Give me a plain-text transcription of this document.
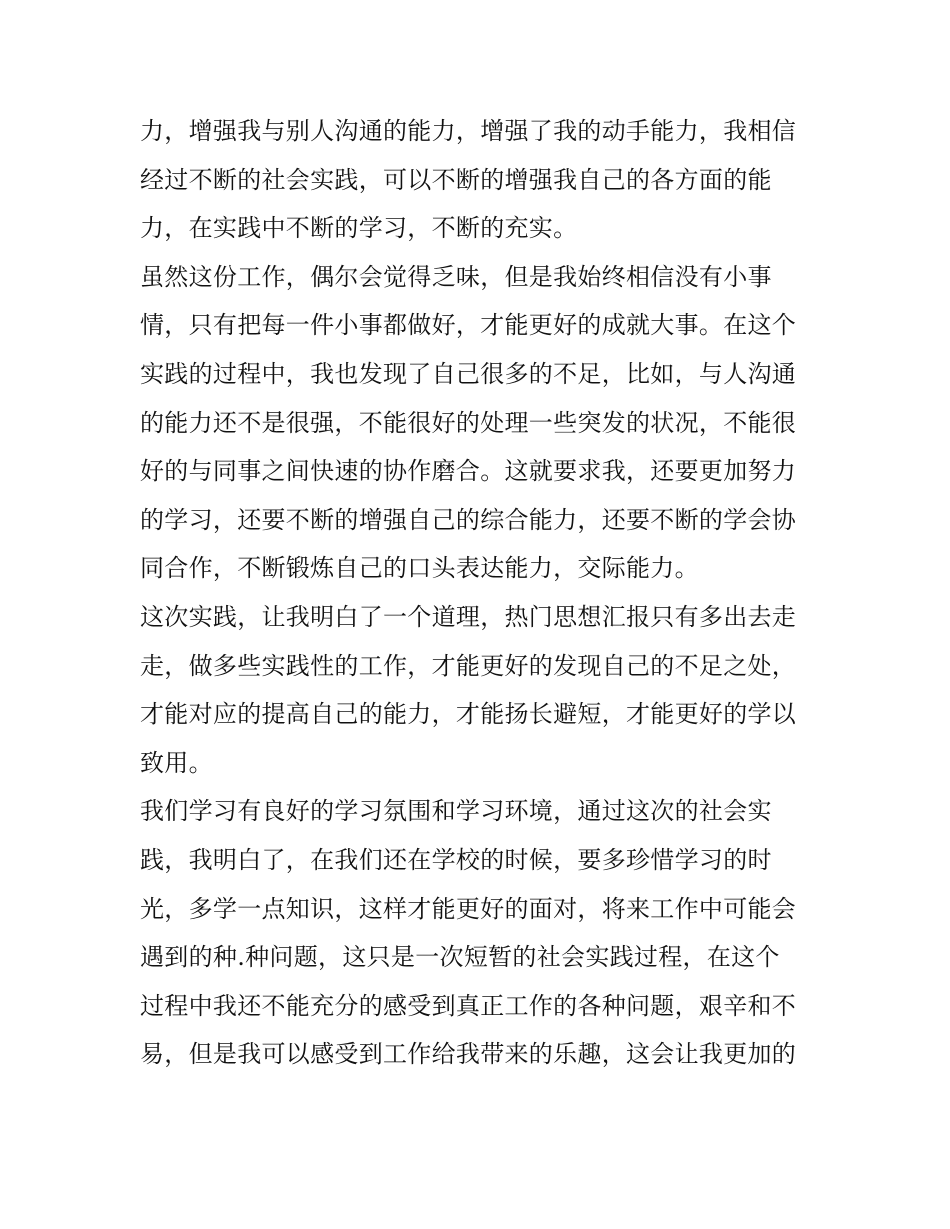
力，增强我与别人沟通的能力，增强了我的动手能力，我相信
经过不断的社会实践，可以不断的增强我自己的各方面的能
力，在实践中不断的学习，不断的充实。
虽然这份工作，偶尔会觉得乏味，但是我始终相信没有小事
情，只有把每一件小事都做好，才能更好的成就大事。在这个
实践的过程中，我也发现了自己很多的不足，比如，与人沟通
的能力还不是很强，不能很好的处理一些突发的状况，不能很
好的与同事之间快速的协作磨合。这就要求我，还要更加努力
的学习，还要不断的增强自己的综合能力，还要不断的学会协
同合作，不断锻炼自己的口头表达能力，交际能力。
这次实践，让我明白了一个道理，热门思想汇报只有多出去走
走，做多些实践性的工作，才能更好的发现自己的不足之处，
才能对应的提高自己的能力，才能扬长避短，才能更好的学以
致用。
我们学习有良好的学习氛围和学习环境，通过这次的社会实
践，我明白了，在我们还在学校的时候，要多珍惜学习的时
光，多学一点知识，这样才能更好的面对，将来工作中可能会
遇到的种.种问题，这只是一次短暂的社会实践过程，在这个
过程中我还不能充分的感受到真正工作的各种问题，艰辛和不
易，但是我可以感受到工作给我带来的乐趣，这会让我更加的
